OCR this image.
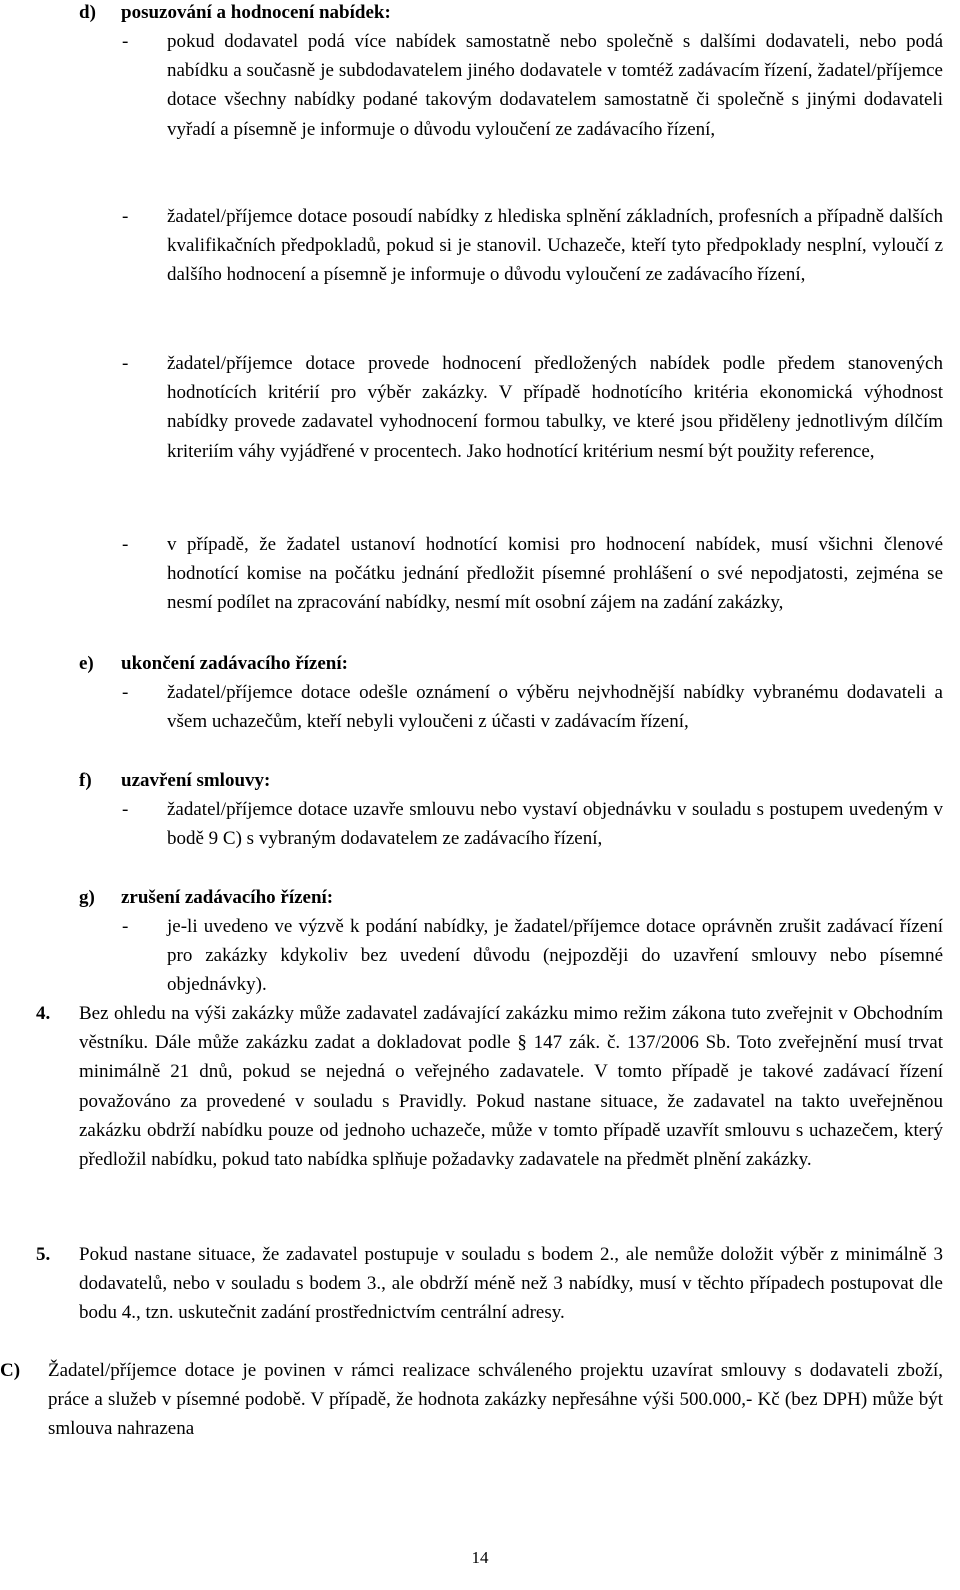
d) posuzování a hodnocení nabídek:
- pokud dodavatel podá více nabídek samostatně nebo společně s dalšími dodavateli, nebo podá nabídku a současně je subdodavatelem jiného dodavatele v tomtéž zadávacím řízení, žadatel/příjemce dotace všechny nabídky podané takovým dodavatelem samostatně či společně s jinými dodavateli vyřadí a písemně je informuje o důvodu vyloučení ze zadávacího řízení,
- žadatel/příjemce dotace posoudí nabídky z hlediska splnění základních, profesních a případně dalších kvalifikačních předpokladů, pokud si je stanovil. Uchazeče, kteří tyto předpoklady nesplní, vyloučí z dalšího hodnocení a písemně je informuje o důvodu vyloučení ze zadávacího řízení,
- žadatel/příjemce dotace provede hodnocení předložených nabídek podle předem stanovených hodnotících kritérií pro výběr zakázky. V případě hodnotícího kritéria ekonomická výhodnost nabídky provede zadavatel vyhodnocení formou tabulky, ve které jsou přiděleny jednotlivým dílčím kriteriím váhy vyjádřené v procentech. Jako hodnotící kritérium nesmí být použity reference,
- v případě, že žadatel ustanoví hodnotící komisi pro hodnocení nabídek, musí všichni členové hodnotící komise na počátku jednání předložit písemné prohlášení o své nepodjatosti, zejména se nesmí podílet na zpracování nabídky, nesmí mít osobní zájem na zadání zakázky,
e) ukončení zadávacího řízení:
- žadatel/příjemce dotace odešle oznámení o výběru nejvhodnější nabídky vybranému dodavateli a všem uchazečům, kteří nebyli vyloučeni z účasti v zadávacím řízení,
f) uzavření smlouvy:
- žadatel/příjemce dotace uzavře smlouvu nebo vystaví objednávku v souladu s postupem uvedeným v bodě 9 C) s vybraným dodavatelem ze zadávacího řízení,
g) zrušení zadávacího řízení:
- je-li uvedeno ve výzvě k podání nabídky, je žadatel/příjemce dotace oprávněn zrušit zadávací řízení pro zakázky kdykoliv bez uvedení důvodu (nejpozději do uzavření smlouvy nebo písemné objednávky).
4. Bez ohledu na výši zakázky může zadavatel zadávající zakázku mimo režim zákona tuto zveřejnit v Obchodním věstníku. Dále může zakázku zadat a dokladovat podle § 147 zák. č. 137/2006 Sb. Toto zveřejnění musí trvat minimálně 21 dnů, pokud se nejedná o veřejného zadavatele. V tomto případě je takové zadávací řízení považováno za provedené v souladu s Pravidly. Pokud nastane situace, že zadavatel na takto uveřejněnou zakázku obdrží nabídku pouze od jednoho uchazeče, může v tomto případě uzavřít smlouvu s uchazečem, který předložil nabídku, pokud tato nabídka splňuje požadavky zadavatele na předmět plnění zakázky.
5. Pokud nastane situace, že zadavatel postupuje v souladu s bodem 2., ale nemůže doložit výběr z minimálně 3 dodavatelů, nebo v souladu s bodem 3., ale obdrží méně než 3 nabídky, musí v těchto případech postupovat dle bodu 4., tzn. uskutečnit zadání prostřednictvím centrální adresy.
C) Žadatel/příjemce dotace je povinen v rámci realizace schváleného projektu uzavírat smlouvy s dodavateli zboží, práce a služeb v písemné podobě. V případě, že hodnota zakázky nepřesáhne výši 500.000,- Kč (bez DPH) může být smlouva nahrazena
14
